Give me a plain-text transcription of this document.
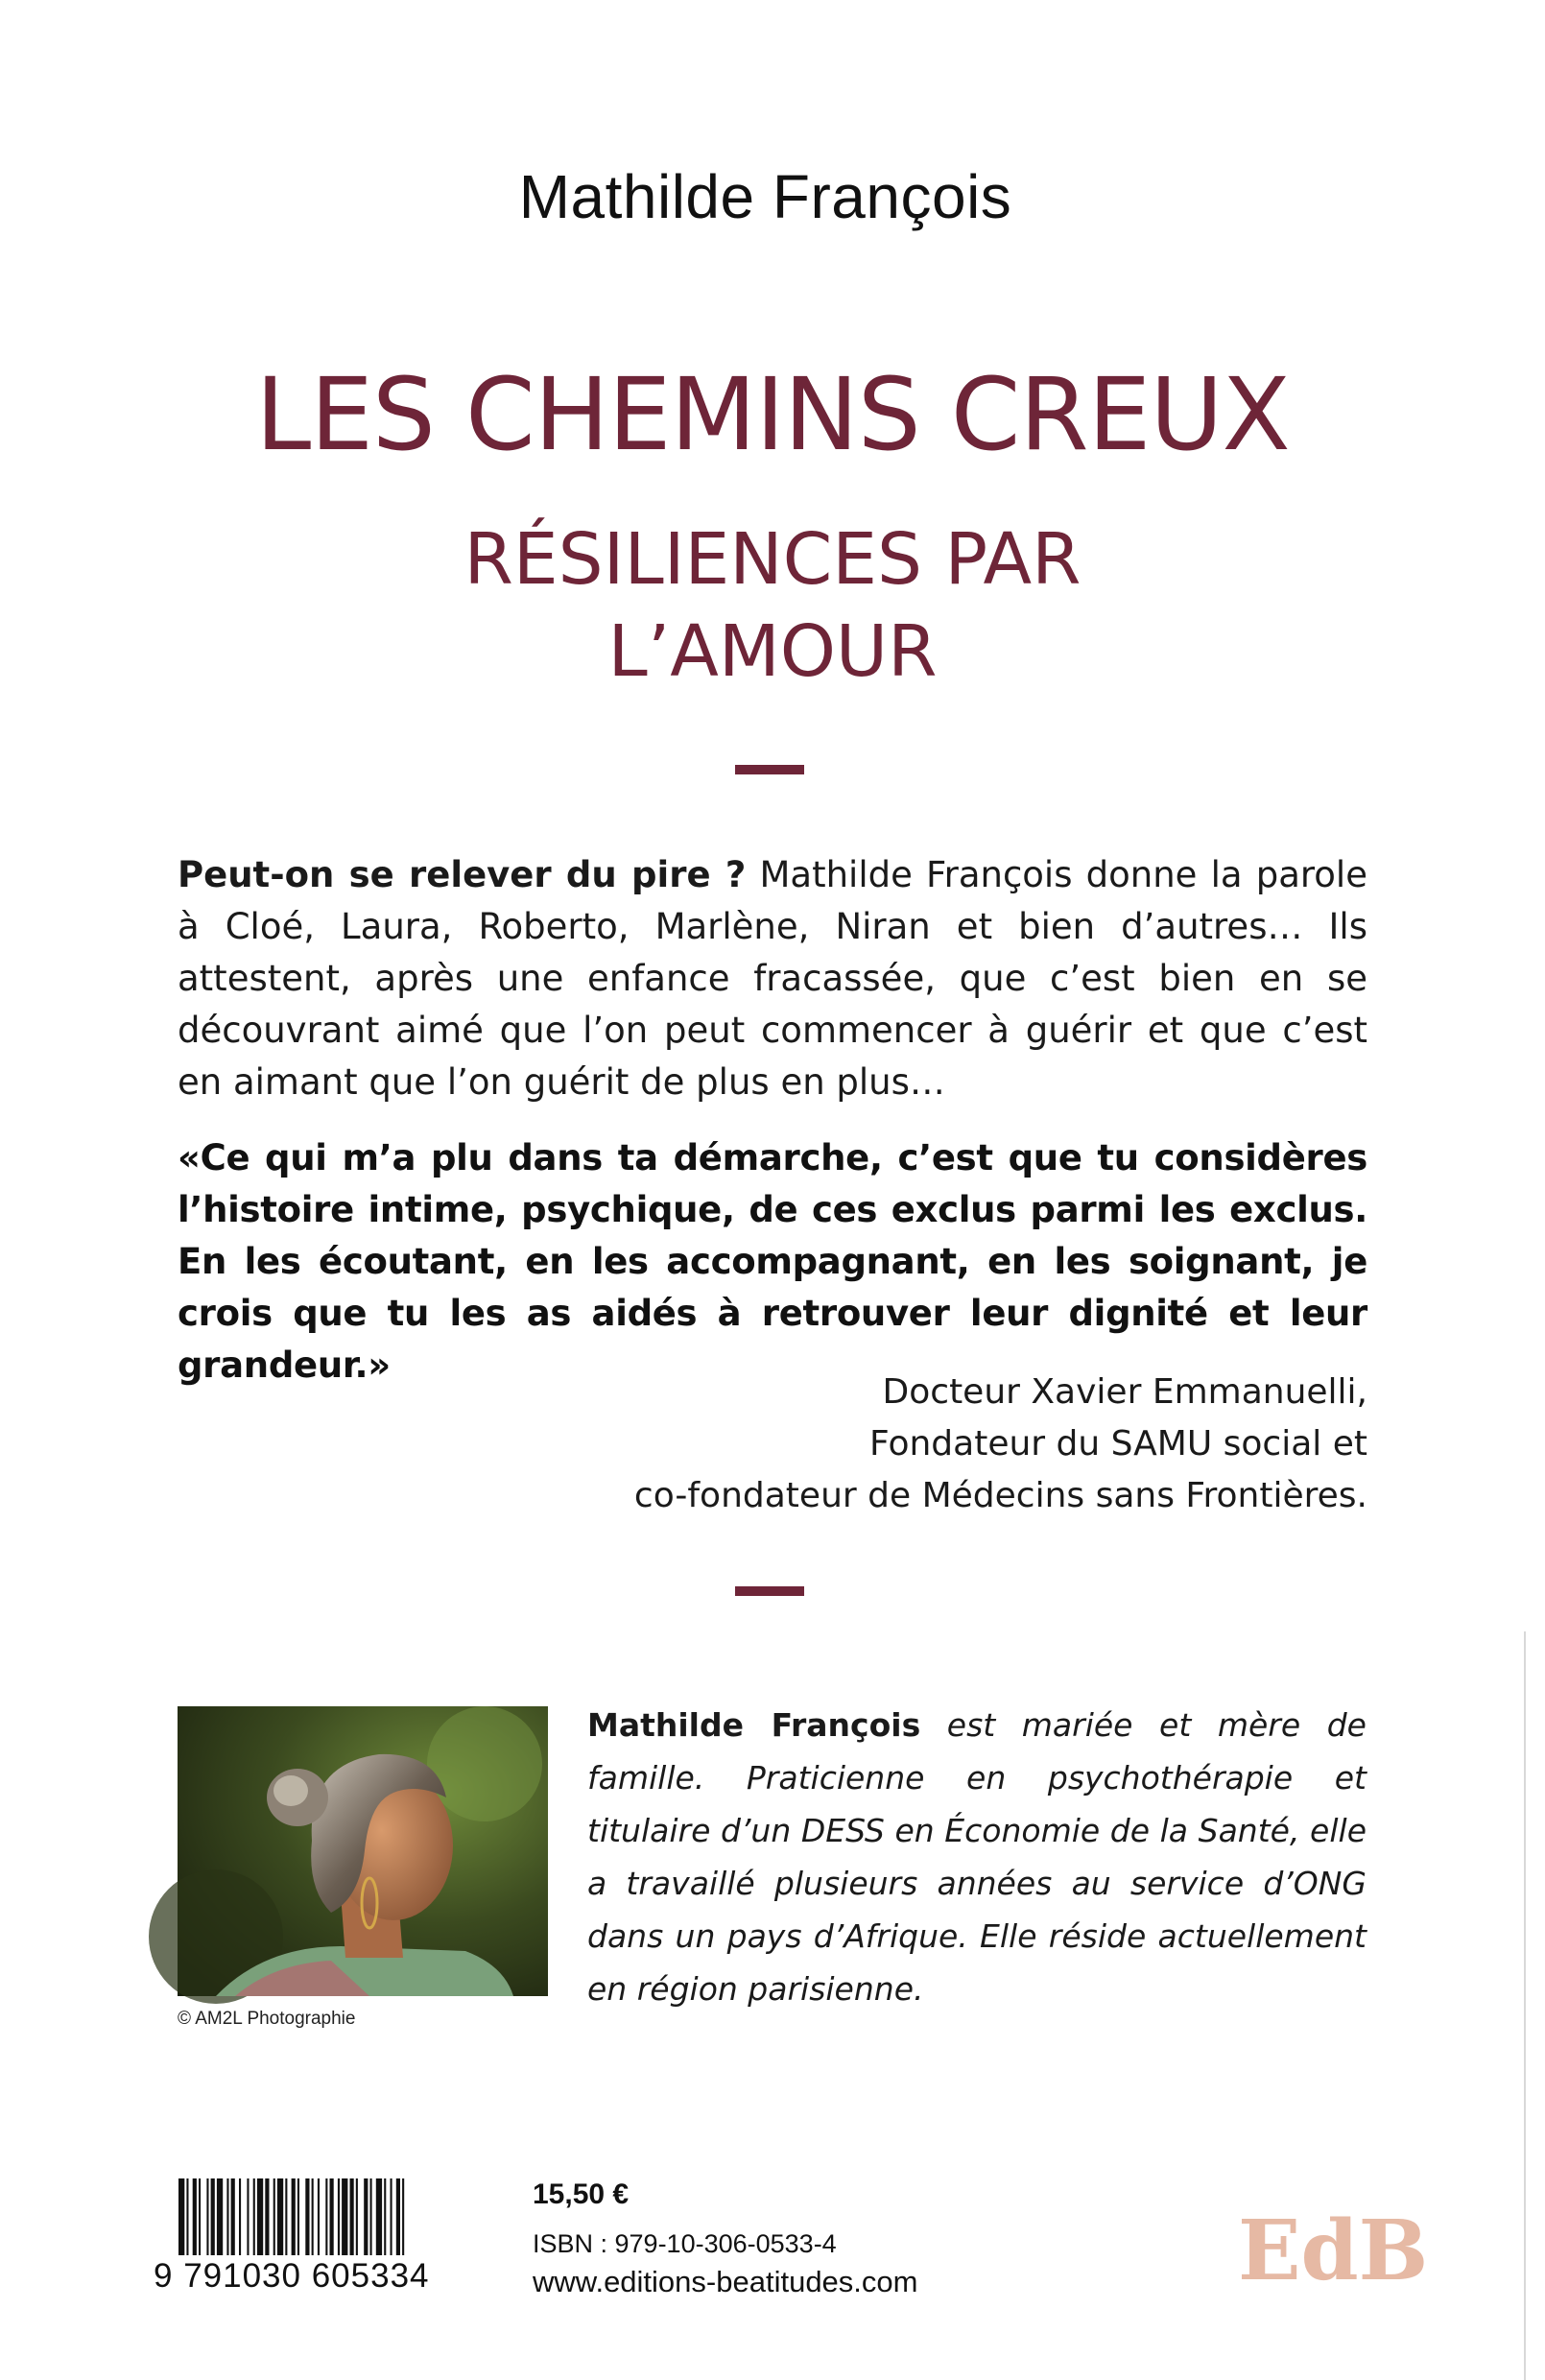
Mathilde François
LES CHEMINS CREUX
RÉSILIENCES PAR
L’AMOUR
Peut-on se relever du pire ? Mathilde François donne la parole à Cloé, Laura, Roberto, Marlène, Niran et bien d’autres… Ils attestent, après une enfance fracassée, que c’est bien en se découvrant aimé que l’on peut commencer à guérir et que c’est en aimant que l’on guérit de plus en plus…
«Ce qui m’a plu dans ta démarche, c’est que tu considères l’histoire intime, psychique, de ces exclus parmi les exclus. En les écoutant, en les accompagnant, en les soignant, je crois que tu les as aidés à retrouver leur dignité et leur grandeur.»
Docteur Xavier Emmanuelli,
Fondateur du SAMU social et
co-fondateur de Médecins sans Frontières.
© AM2L Photographie
Mathilde François est mariée et mère de famille. Praticienne en psychothérapie et titulaire d’un DESS en Économie de la Santé, elle a travaillé plusieurs années au service d’ONG dans un pays d’Afrique. Elle réside actuellement en région parisienne.
9 791030 605334
15,50 €
ISBN : 979-10-306-0533-4
www.editions-beatitudes.com	EdB
